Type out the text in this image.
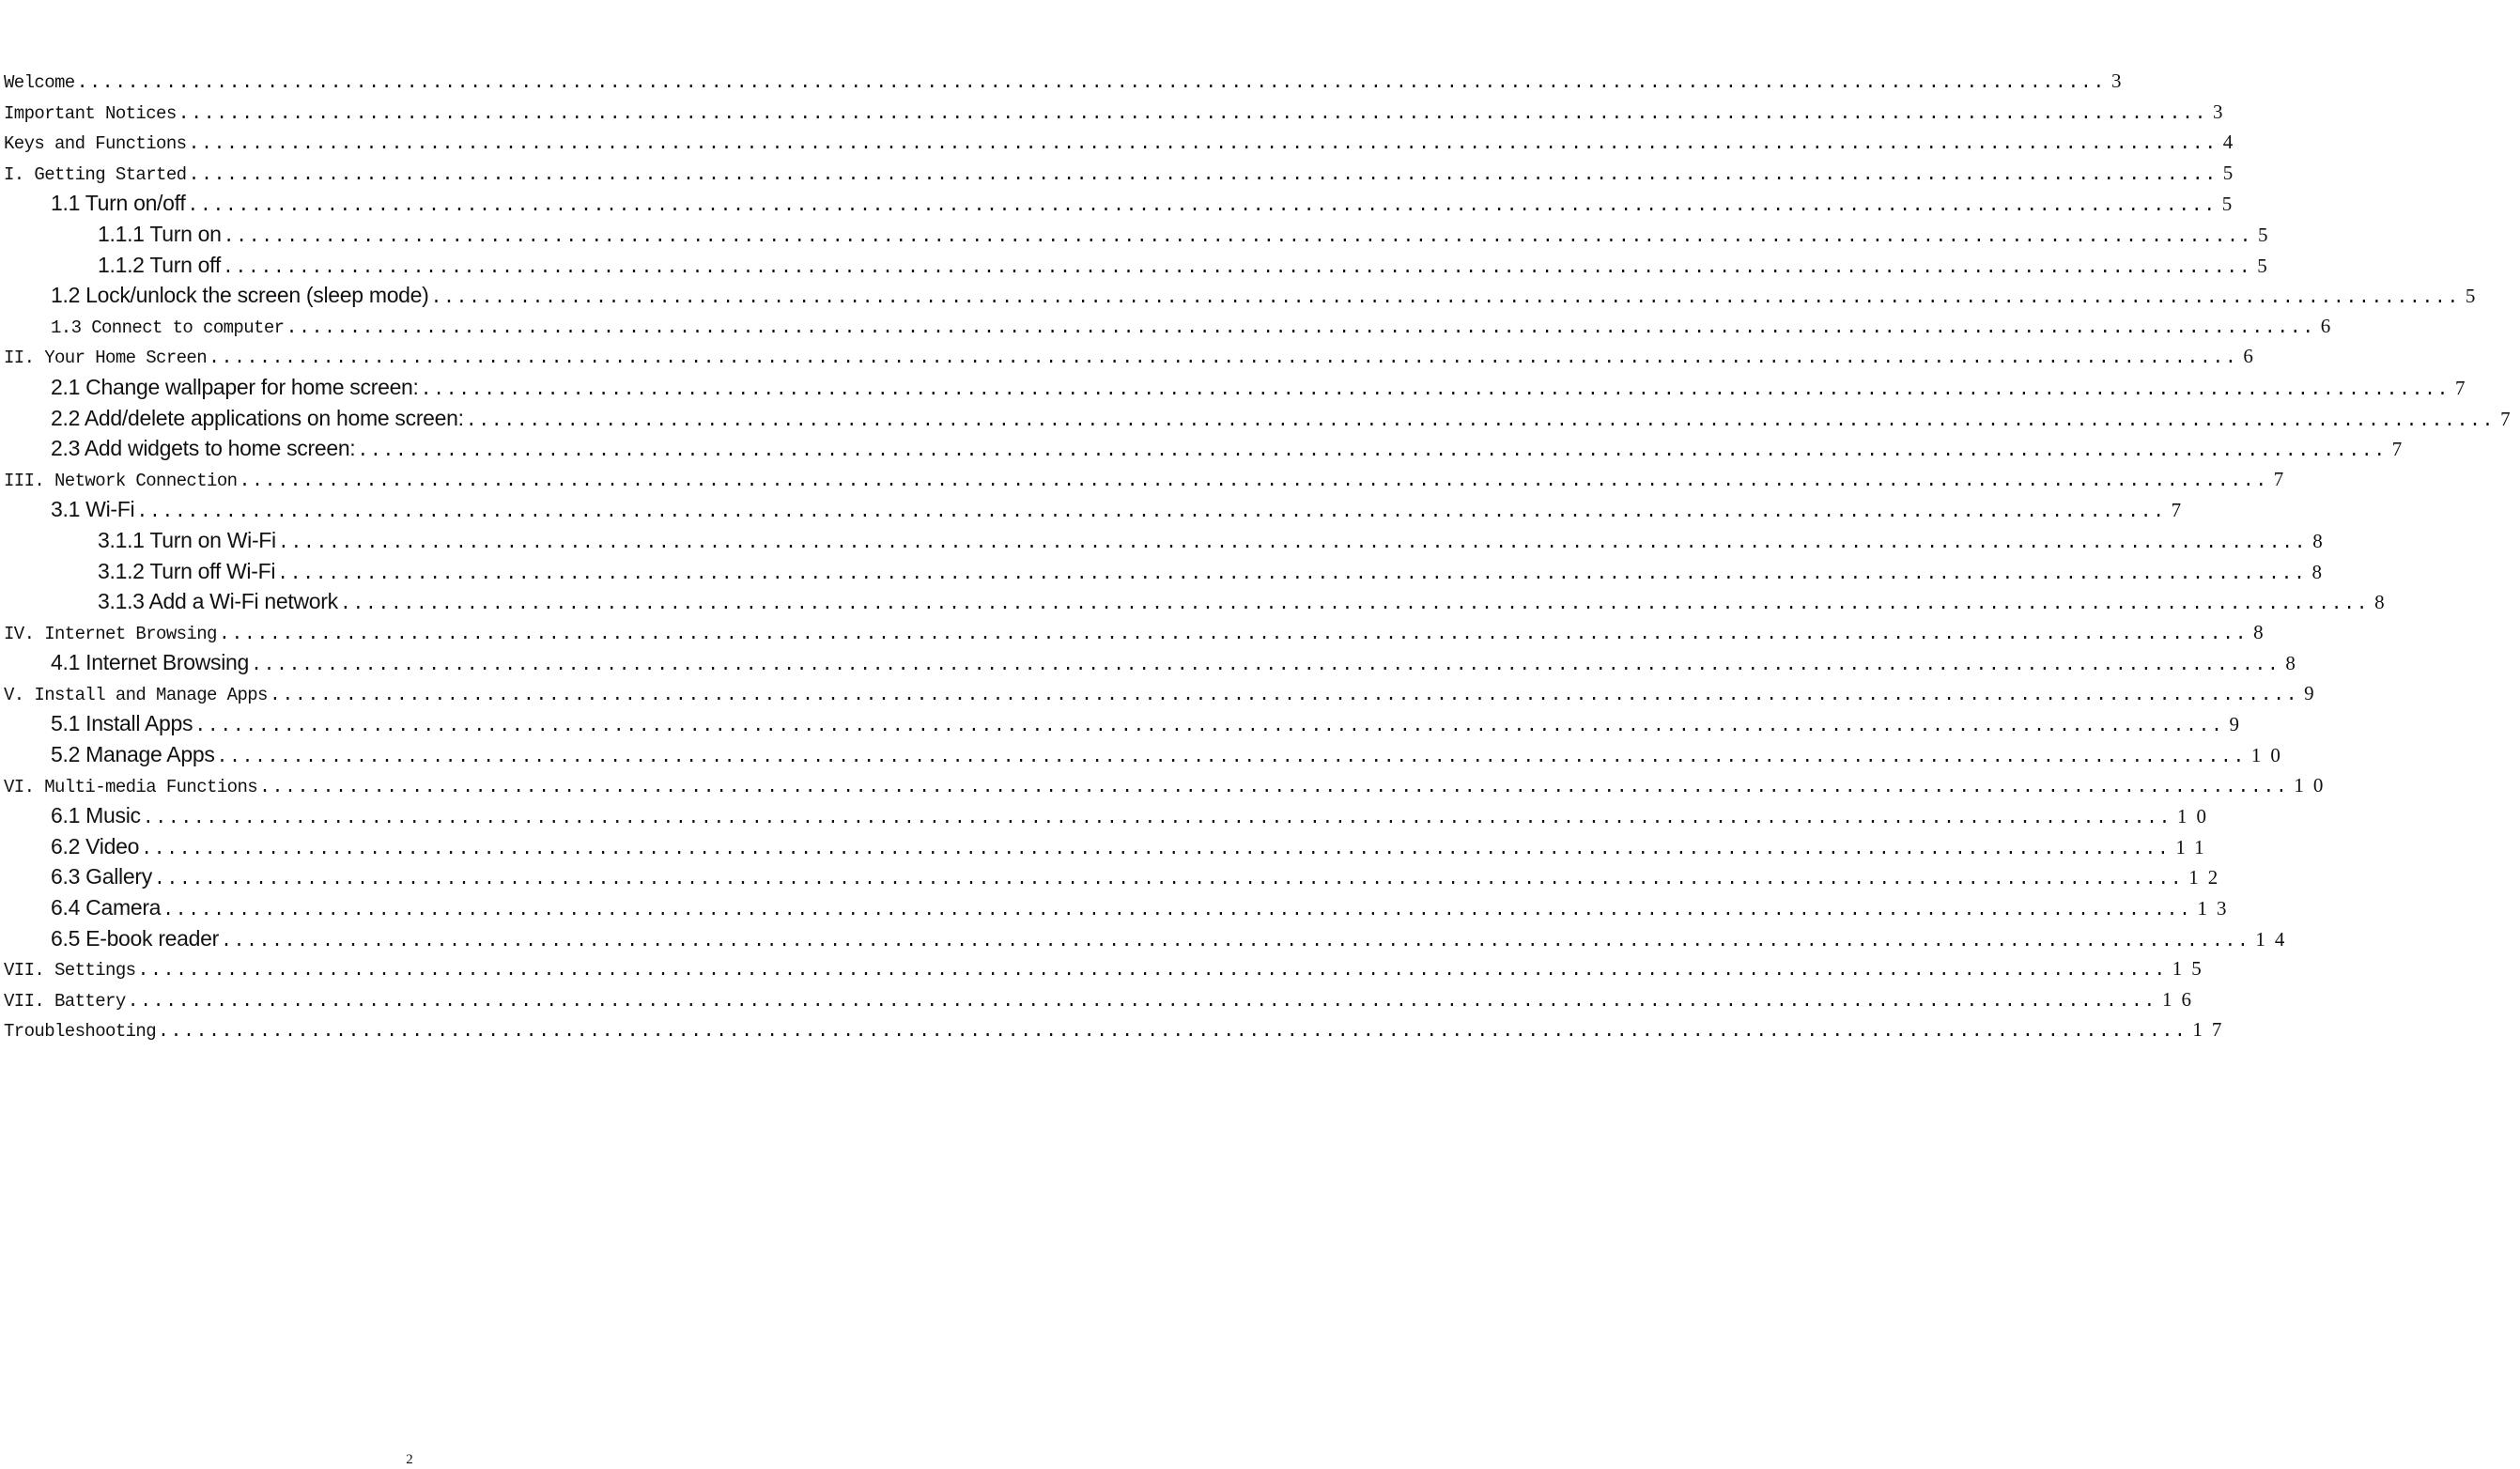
Welcome .....	3
Important Notices .....	3
Keys and Functions .....	4
I. Getting Started .....	5
1.1 Turn on/off .....	5
1.1.1 Turn on .....	5
1.1.2 Turn off .....	5
1.2 Lock/unlock the screen (sleep mode) .....	5
1.3 Connect to computer .....	6
II. Your Home Screen .....	6
2.1 Change wallpaper for home screen: .....	7
2.2 Add/delete applications on home screen: .....	7
2.3 Add widgets to home screen: .....	7
III. Network Connection .....	7
3.1 Wi-Fi .....	7
3.1.1 Turn on Wi-Fi .....	8
3.1.2 Turn off Wi-Fi .....	8
3.1.3 Add a Wi-Fi network .....	8
IV. Internet Browsing .....	8
4.1 Internet Browsing .....	8
V. Install and Manage Apps .....	9
5.1 Install Apps .....	9
5.2 Manage Apps .....	10
VI. Multi-media Functions .....	10
6.1 Music .....	10
6.2 Video .....	11
6.3 Gallery .....	12
6.4 Camera .....	13
6.5 E-book reader .....	14
VII. Settings .....	15
VII. Battery .....	16
Troubleshooting .....	17
2
